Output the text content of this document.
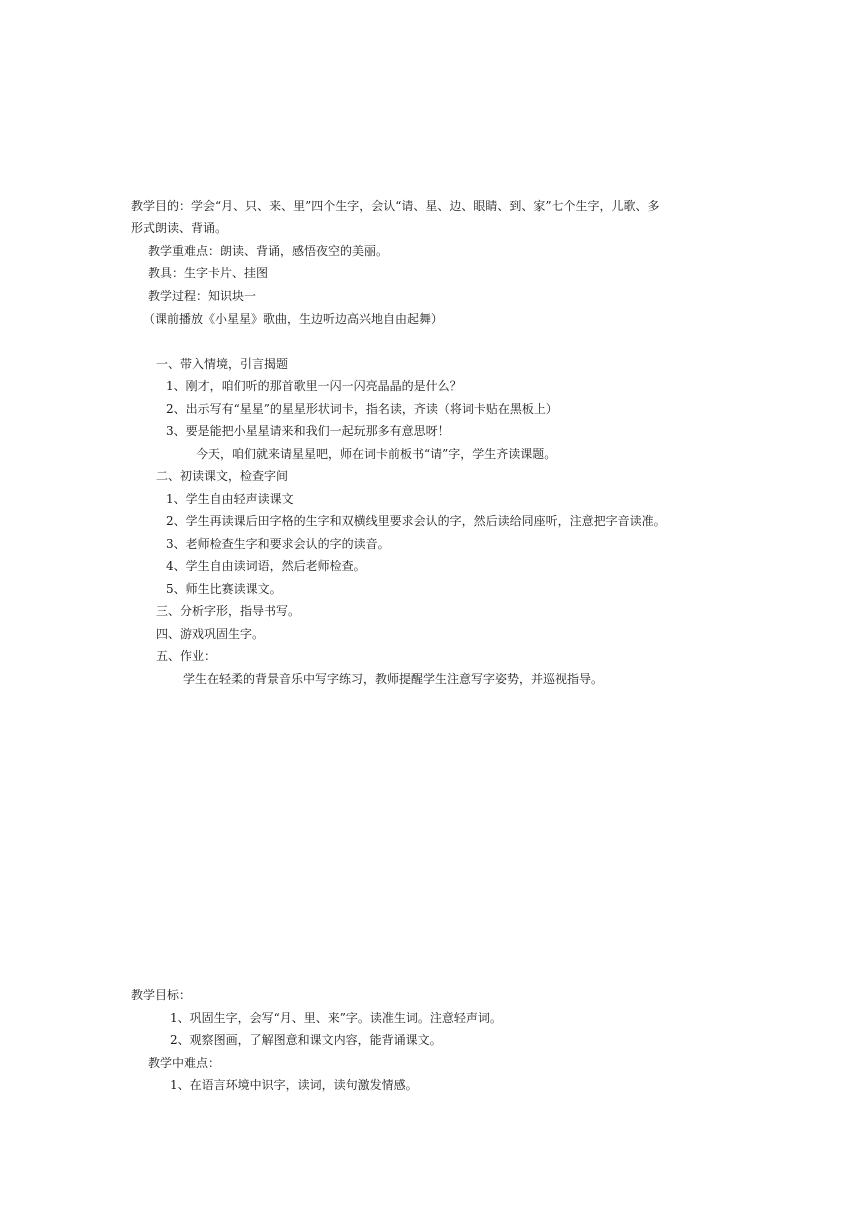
教学目的：学会“月、只、来、里”四个生字，会认“请、星、边、眼睛、到、家”七个生字，儿歌、多
形式朗读、背诵。
教学重难点：朗读、背诵，感悟夜空的美丽。
教具：生字卡片、挂图
教学过程：知识块一
（课前播放《小星星》歌曲，生边听边高兴地自由起舞）
一、带入情境，引言揭题
1、刚才，咱们听的那首歌里一闪一闪亮晶晶的是什么？
2、出示写有“星星”的星星形状词卡，指名读，齐读（将词卡贴在黑板上）
3、要是能把小星星请来和我们一起玩那多有意思呀！
今天，咱们就来请星星吧，师在词卡前板书“请”字，学生齐读课题。
二、初读课文，检查字间
1、学生自由轻声读课文
2、学生再读课后田字格的生字和双横线里要求会认的字，然后读给同座听，注意把字音读准。
3、老师检查生字和要求会认的字的读音。
4、学生自由读词语，然后老师检查。
5、师生比赛读课文。
三、分析字形，指导书写。
四、游戏巩固生字。
五、作业：
学生在轻柔的背景音乐中写字练习，教师提醒学生注意写字姿势，并巡视指导。
教学目标：
1、巩固生字，会写“月、里、来”字。读准生词。注意轻声词。
2、观察图画，了解图意和课文内容，能背诵课文。
教学中难点：
1、在语言环境中识字，读词，读句激发情感。
